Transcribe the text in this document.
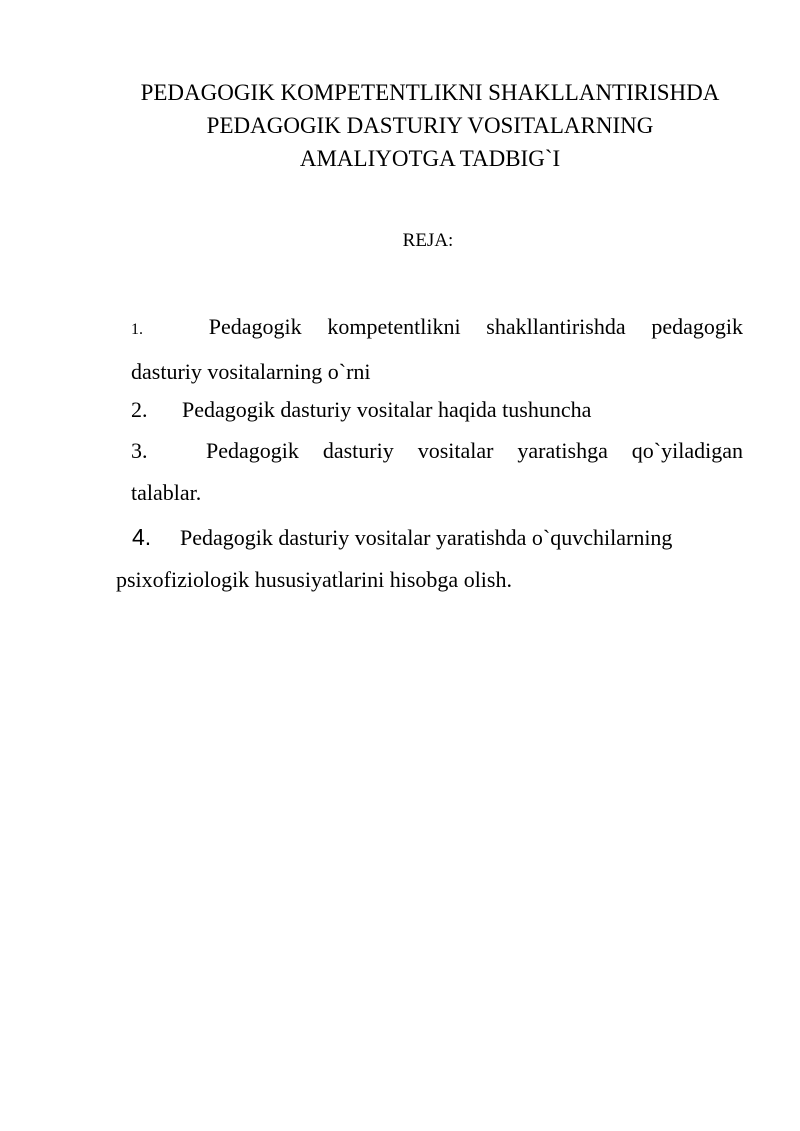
PEDAGOGIK KOMPETENTLIKNI SHAKLLANTIRISHDA
PEDAGOGIK DASTURIY VOSITALARNING
AMALIYOTGA TADBIG`I
REJA:
1.	Pedagogik kompetentlikni shakllantirishda pedagogik
dasturiy vositalarning o`rni
2. Pedagogik dasturiy vositalar haqida tushuncha
3.	Pedagogik dasturiy vositalar yaratishga qo`yiladigan
talablar.
4. Pedagogik dasturiy vositalar yaratishda o`quvchilarning
psixofiziologik hususiyatlarini hisobga olish.
